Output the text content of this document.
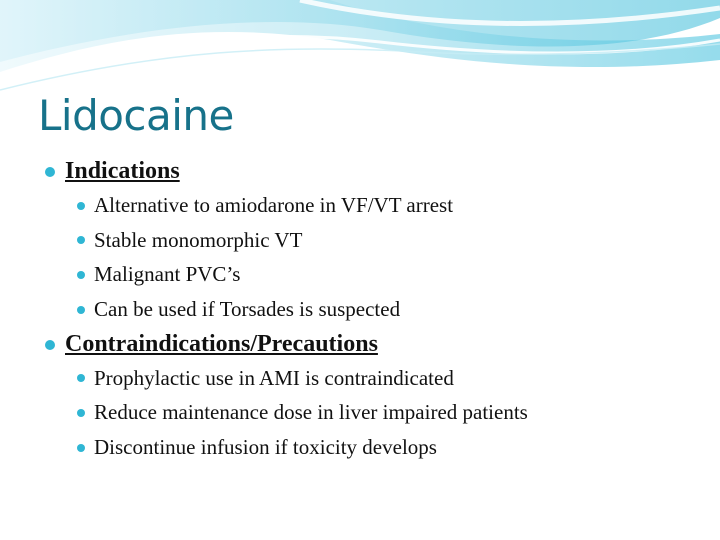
Lidocaine
Indications
Alternative to amiodarone in VF/VT arrest
Stable monomorphic VT
Malignant PVC’s
Can be used if Torsades is suspected
Contraindications/Precautions
Prophylactic use in AMI is contraindicated
Reduce maintenance dose in liver impaired patients
Discontinue infusion if toxicity develops
